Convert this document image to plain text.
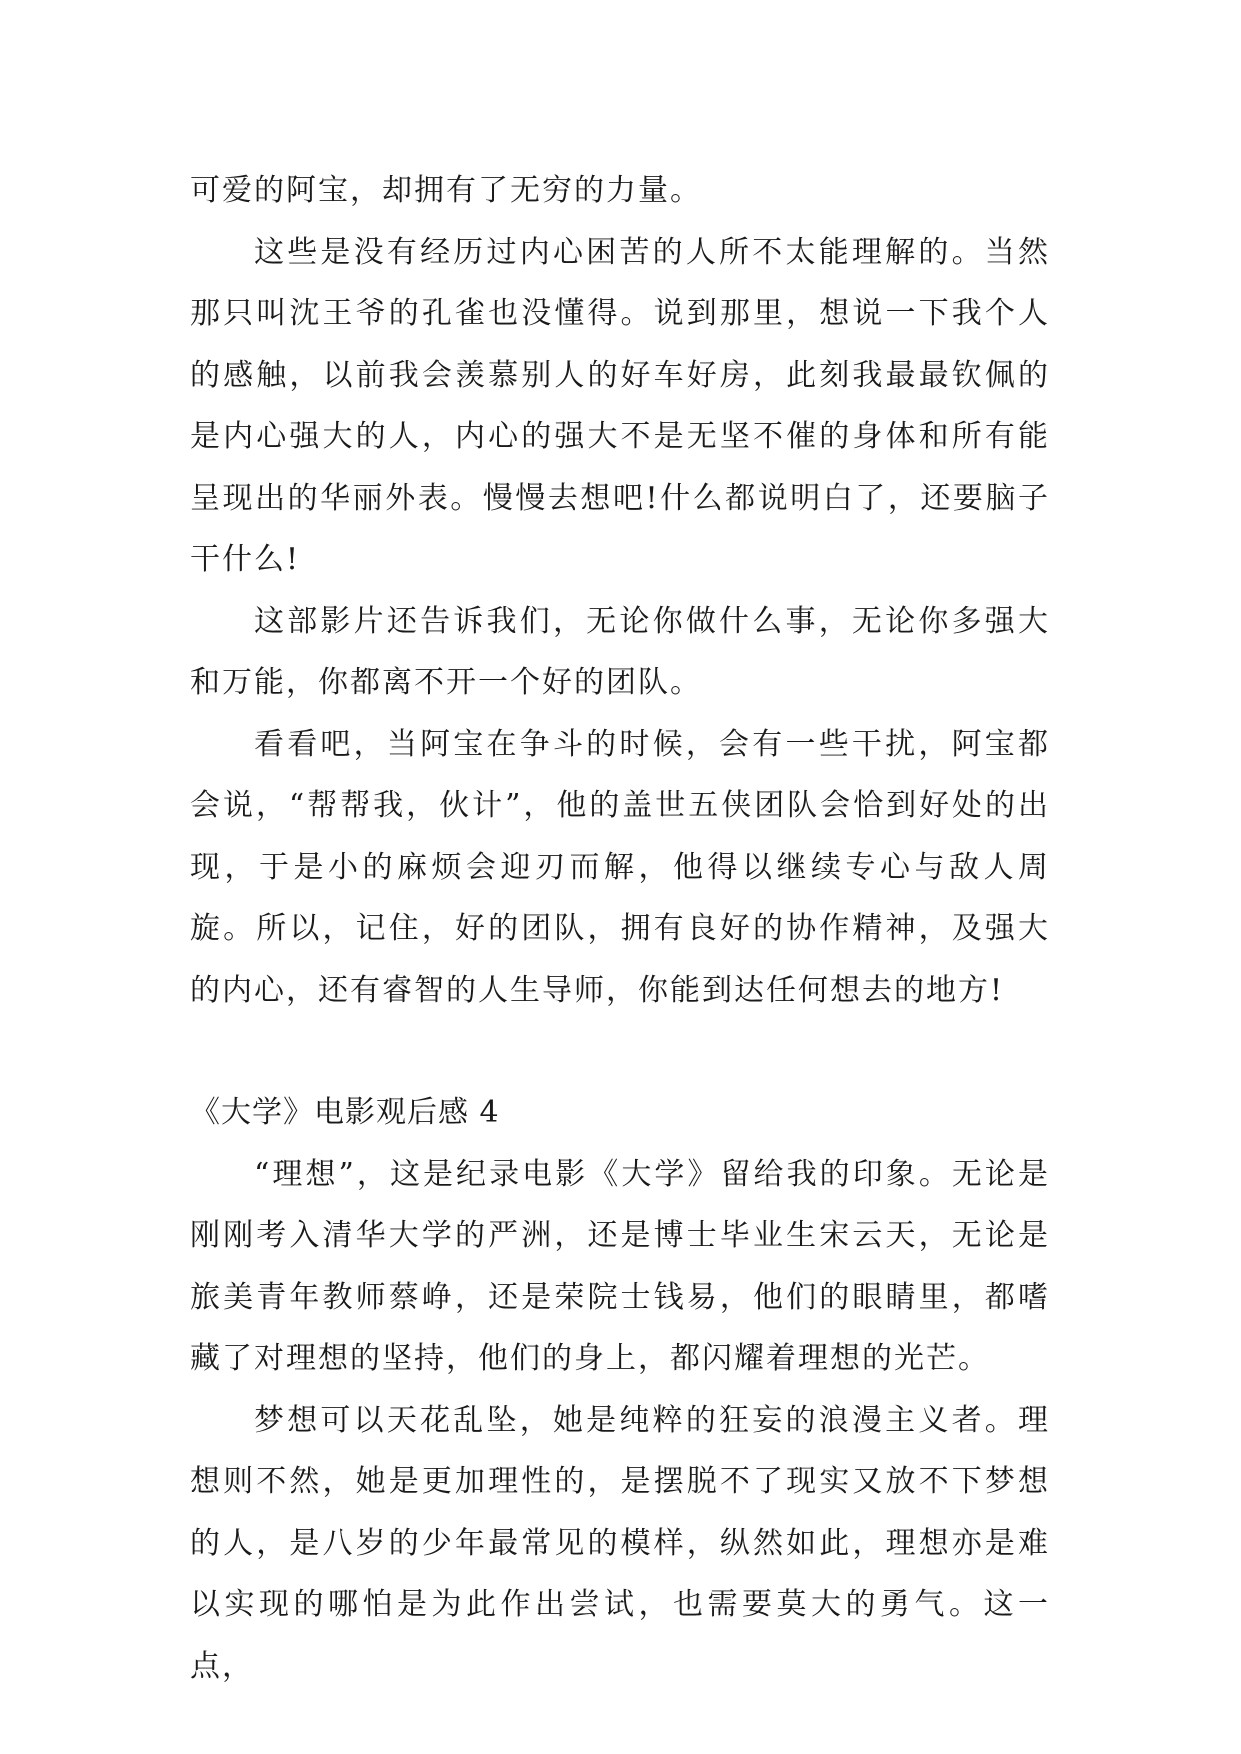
可爱的阿宝，却拥有了无穷的力量。

这些是没有经历过内心困苦的人所不太能理解的。当然那只叫沈王爷的孔雀也没懂得。说到那里，想说一下我个人的感触，以前我会羡慕别人的好车好房，此刻我最最钦佩的是内心强大的人，内心的强大不是无坚不催的身体和所有能呈现出的华丽外表。慢慢去想吧!什么都说明白了，还要脑子干什么!

这部影片还告诉我们，无论你做什么事，无论你多强大和万能，你都离不开一个好的团队。

看看吧，当阿宝在争斗的时候，会有一些干扰，阿宝都会说，“帮帮我，伙计”，他的盖世五侠团队会恰到好处的出现，于是小的麻烦会迎刃而解，他得以继续专心与敌人周旋。所以，记住，好的团队，拥有良好的协作精神，及强大的内心，还有睿智的人生导师，你能到达任何想去的地方!

《大学》电影观后感 4

“理想”，这是纪录电影《大学》留给我的印象。无论是刚刚考入清华大学的严洲，还是博士毕业生宋云天，无论是旅美青年教师蔡峥，还是荣院士钱易，他们的眼睛里，都嗜藏了对理想的坚持，他们的身上，都闪耀着理想的光芒。

梦想可以天花乱坠，她是纯粹的狂妄的浪漫主义者。理想则不然，她是更加理性的，是摆脱不了现实又放不下梦想的人，是八岁的少年最常见的模样，纵然如此，理想亦是难以实现的哪怕是为此作出尝试，也需要莫大的勇气。这一点，
